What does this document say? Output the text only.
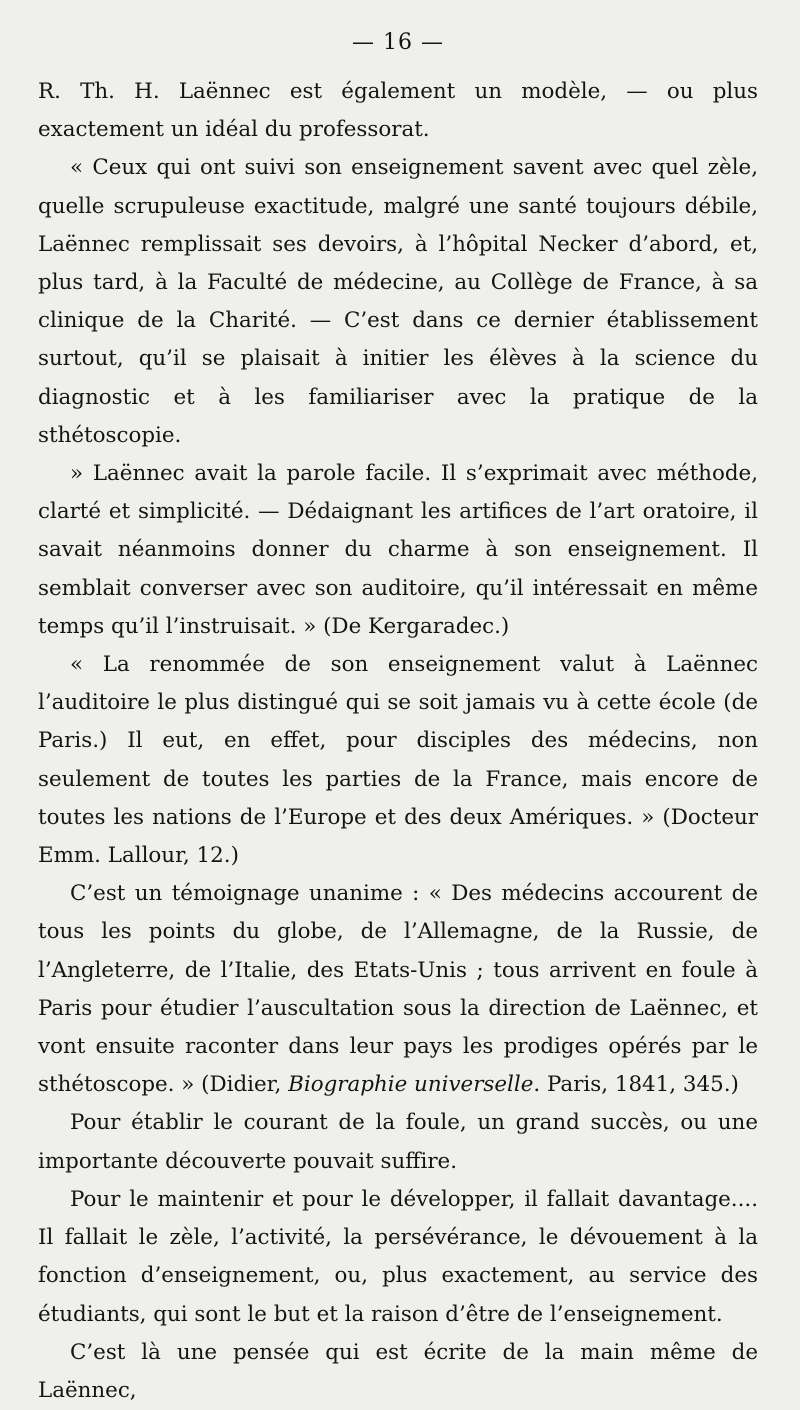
— 16 —

R. Th. H. Laënnec est également un modèle, — ou plus exactement un idéal du professorat.

« Ceux qui ont suivi son enseignement savent avec quel zèle, quelle scrupuleuse exactitude, malgré une santé toujours débile, Laënnec remplissait ses devoirs, à l’hôpital Necker d’abord, et, plus tard, à la Faculté de médecine, au Collège de France, à sa clinique de la Charité. — C’est dans ce dernier établissement surtout, qu’il se plaisait à initier les élèves à la science du diagnostic et à les familiariser avec la pratique de la sthétoscopie.

» Laënnec avait la parole facile. Il s’exprimait avec méthode, clarté et simplicité. — Dédaignant les artifices de l’art oratoire, il savait néanmoins donner du charme à son enseignement. Il semblait converser avec son auditoire, qu’il intéressait en même temps qu’il l’instruisait. » (De Kergaradec.)

« La renommée de son enseignement valut à Laënnec l’auditoire le plus distingué qui se soit jamais vu à cette école (de Paris.) Il eut, en effet, pour disciples des médecins, non seulement de toutes les parties de la France, mais encore de toutes les nations de l’Europe et des deux Amériques. » (Docteur Emm. Lallour, 12.)

C’est un témoignage unanime : « Des médecins accourent de tous les points du globe, de l’Allemagne, de la Russie, de l’Angleterre, de l’Italie, des Etats-Unis ; tous arrivent en foule à Paris pour étudier l’auscultation sous la direction de Laënnec, et vont ensuite raconter dans leur pays les prodiges opérés par le sthétoscope. » (Didier, Biographie universelle. Paris, 1841, 345.)

Pour établir le courant de la foule, un grand succès, ou une importante découverte pouvait suffire.

Pour le maintenir et pour le développer, il fallait davantage.... Il fallait le zèle, l’activité, la persévérance, le dévouement à la fonction d’enseignement, ou, plus exactement, au service des étudiants, qui sont le but et la raison d’être de l’enseignement.

C’est là une pensée qui est écrite de la main même de Laënnec,
